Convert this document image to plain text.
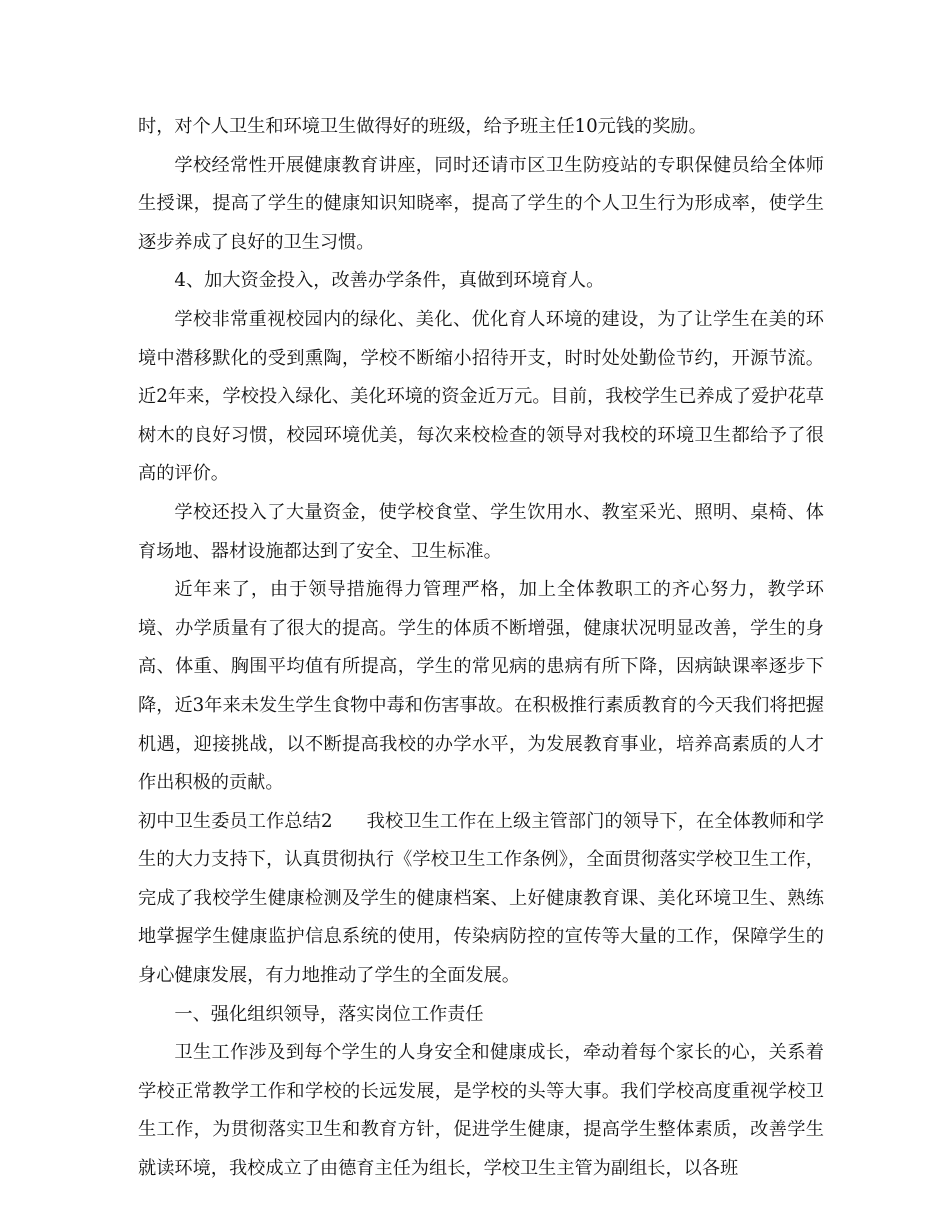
时，对个人卫生和环境卫生做得好的班级，给予班主任10元钱的奖励。

学校经常性开展健康教育讲座，同时还请市区卫生防疫站的专职保健员给全体师生授课，提高了学生的健康知识知晓率，提高了学生的个人卫生行为形成率，使学生逐步养成了良好的卫生习惯。

4、加大资金投入，改善办学条件，真做到环境育人。

学校非常重视校园内的绿化、美化、优化育人环境的建设，为了让学生在美的环境中潜移默化的受到熏陶，学校不断缩小招待开支，时时处处勤俭节约，开源节流。近2年来，学校投入绿化、美化环境的资金近万元。目前，我校学生已养成了爱护花草树木的良好习惯，校园环境优美，每次来校检查的领导对我校的环境卫生都给予了很高的评价。

学校还投入了大量资金，使学校食堂、学生饮用水、教室采光、照明、桌椅、体育场地、器材设施都达到了安全、卫生标准。

近年来了，由于领导措施得力管理严格，加上全体教职工的齐心努力，教学环境、办学质量有了很大的提高。学生的体质不断增强，健康状况明显改善，学生的身高、体重、胸围平均值有所提高，学生的常见病的患病有所下降，因病缺课率逐步下降，近3年来未发生学生食物中毒和伤害事故。在积极推行素质教育的今天我们将把握机遇，迎接挑战，以不断提高我校的办学水平，为发展教育事业，培养高素质的人才作出积极的贡献。

初中卫生委员工作总结2 我校卫生工作在上级主管部门的领导下，在全体教师和学生的大力支持下，认真贯彻执行《学校卫生工作条例》，全面贯彻落实学校卫生工作，完成了我校学生健康检测及学生的健康档案、上好健康教育课、美化环境卫生、熟练地掌握学生健康监护信息系统的使用，传染病防控的宣传等大量的工作，保障学生的身心健康发展，有力地推动了学生的全面发展。

一、强化组织领导，落实岗位工作责任

卫生工作涉及到每个学生的人身安全和健康成长，牵动着每个家长的心，关系着学校正常教学工作和学校的长远发展，是学校的头等大事。我们学校高度重视学校卫生工作，为贯彻落实卫生和教育方针，促进学生健康，提高学生整体素质，改善学生就读环境，我校成立了由德育主任为组长，学校卫生主管为副组长，以各班
